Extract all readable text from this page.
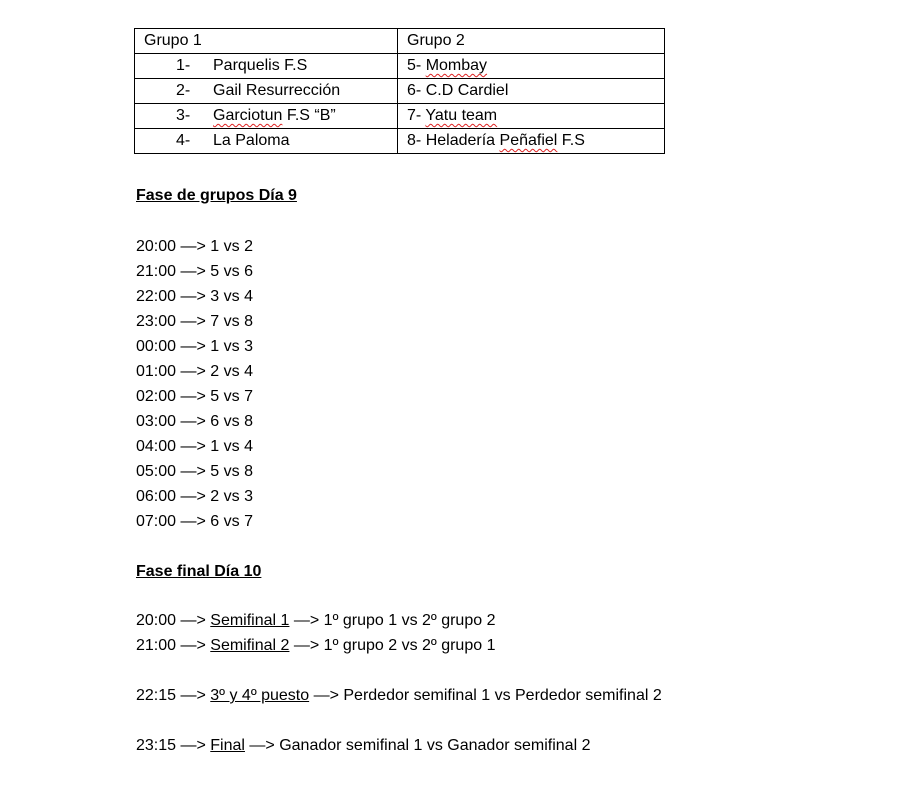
Grupo 1	Grupo 2
1- Parquelis F.S	5- Mombay
2- Gail Resurrección	6- C.D Cardiel
3- Garciotun F.S “B”	7- Yatu team
4- La Paloma	8- Heladería Peñafiel F.S
Fase de grupos Día 9
20:00 —> 1 vs 2
21:00 —> 5 vs 6
22:00 —> 3 vs 4
23:00 —> 7 vs 8
00:00 —> 1 vs 3
01:00 —> 2 vs 4
02:00 —> 5 vs 7
03:00 —> 6 vs 8
04:00 —> 1 vs 4
05:00 —> 5 vs 8
06:00 —> 2 vs 3
07:00 —> 6 vs 7
Fase final Día 10
20:00 —> Semifinal 1 —> 1º grupo 1 vs 2º grupo 2
21:00 —> Semifinal 2 —> 1º grupo 2 vs 2º grupo 1
22:15 —> 3º y 4º puesto —> Perdedor semifinal 1 vs Perdedor semifinal 2
23:15 —> Final —> Ganador semifinal 1 vs Ganador semifinal 2
